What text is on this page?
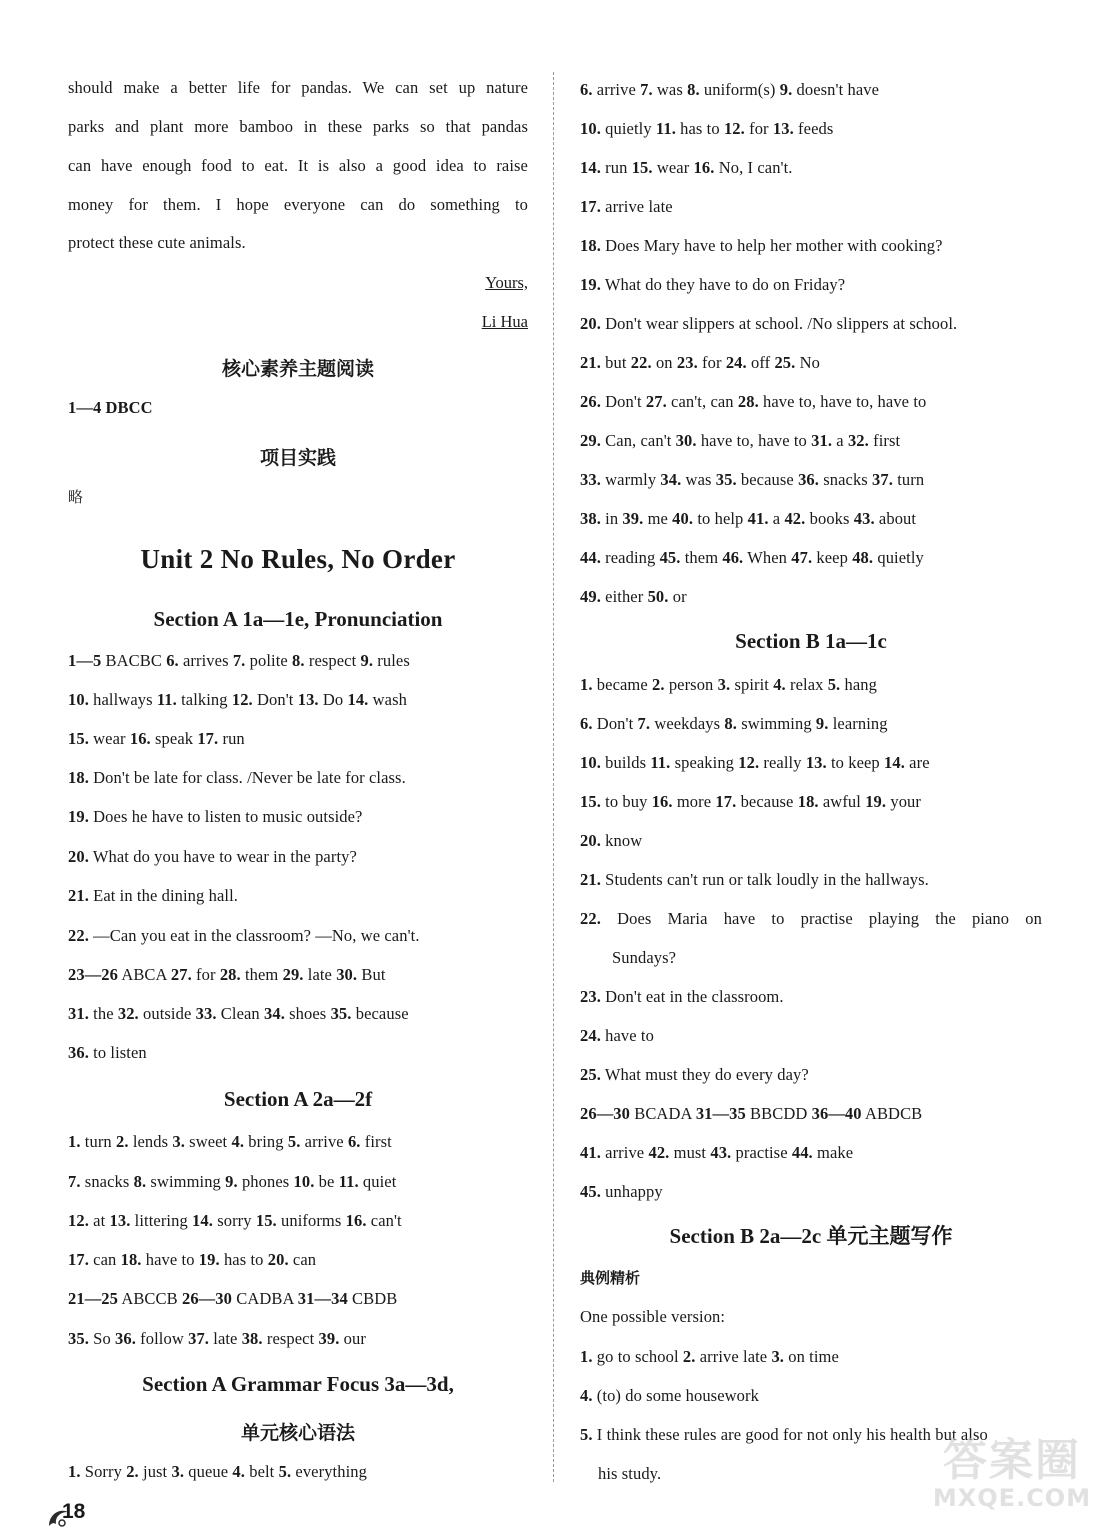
should make a better life for pandas. We can set up nature
parks and plant more bamboo in these parks so that pandas
can have enough food to eat. It is also a good idea to raise
money for them. I hope everyone can do something to
protect these cute animals.
Yours,
Li Hua
核心素养主题阅读
1—4 DBCC
项目实践
略
Unit 2 No Rules, No Order
Section A 1a—1e, Pronunciation
1—5 BACBC 6. arrives 7. polite 8. respect 9. rules
10. hallways 11. talking 12. Don't 13. Do 14. wash
15. wear 16. speak 17. run
18. Don't be late for class. /Never be late for class.
19. Does he have to listen to music outside?
20. What do you have to wear in the party?
21. Eat in the dining hall.
22. —Can you eat in the classroom? —No, we can't.
23—26 ABCA 27. for 28. them 29. late 30. But
31. the 32. outside 33. Clean 34. shoes 35. because
36. to listen
Section A 2a—2f
1. turn 2. lends 3. sweet 4. bring 5. arrive 6. first
7. snacks 8. swimming 9. phones 10. be 11. quiet
12. at 13. littering 14. sorry 15. uniforms 16. can't
17. can 18. have to 19. has to 20. can
21—25 ABCCB 26—30 CADBA 31—34 CBDB
35. So 36. follow 37. late 38. respect 39. our
Section A Grammar Focus 3a—3d,
单元核心语法
1. Sorry 2. just 3. queue 4. belt 5. everything
6. arrive 7. was 8. uniform(s) 9. doesn't have
10. quietly 11. has to 12. for 13. feeds
14. run 15. wear 16. No, I can't.
17. arrive late
18. Does Mary have to help her mother with cooking?
19. What do they have to do on Friday?
20. Don't wear slippers at school. /No slippers at school.
21. but 22. on 23. for 24. off 25. No
26. Don't 27. can't, can 28. have to, have to, have to
29. Can, can't 30. have to, have to 31. a 32. first
33. warmly 34. was 35. because 36. snacks 37. turn
38. in 39. me 40. to help 41. a 42. books 43. about
44. reading 45. them 46. When 47. keep 48. quietly
49. either 50. or
Section B 1a—1c
1. became 2. person 3. spirit 4. relax 5. hang
6. Don't 7. weekdays 8. swimming 9. learning
10. builds 11. speaking 12. really 13. to keep 14. are
15. to buy 16. more 17. because 18. awful 19. your
20. know
21. Students can't run or talk loudly in the hallways.
22. Does Maria have to practise playing the piano on
Sundays?
23. Don't eat in the classroom.
24. have to
25. What must they do every day?
26—30 BCADA 31—35 BBCDD 36—40 ABDCB
41. arrive 42. must 43. practise 44. make
45. unhappy
Section B 2a—2c 单元主题写作
典例精析
One possible version:
1. go to school 2. arrive late 3. on time
4. (to) do some housework
5. I think these rules are good for not only his health but also
his study.
18
答案圈
MXQE.COM
